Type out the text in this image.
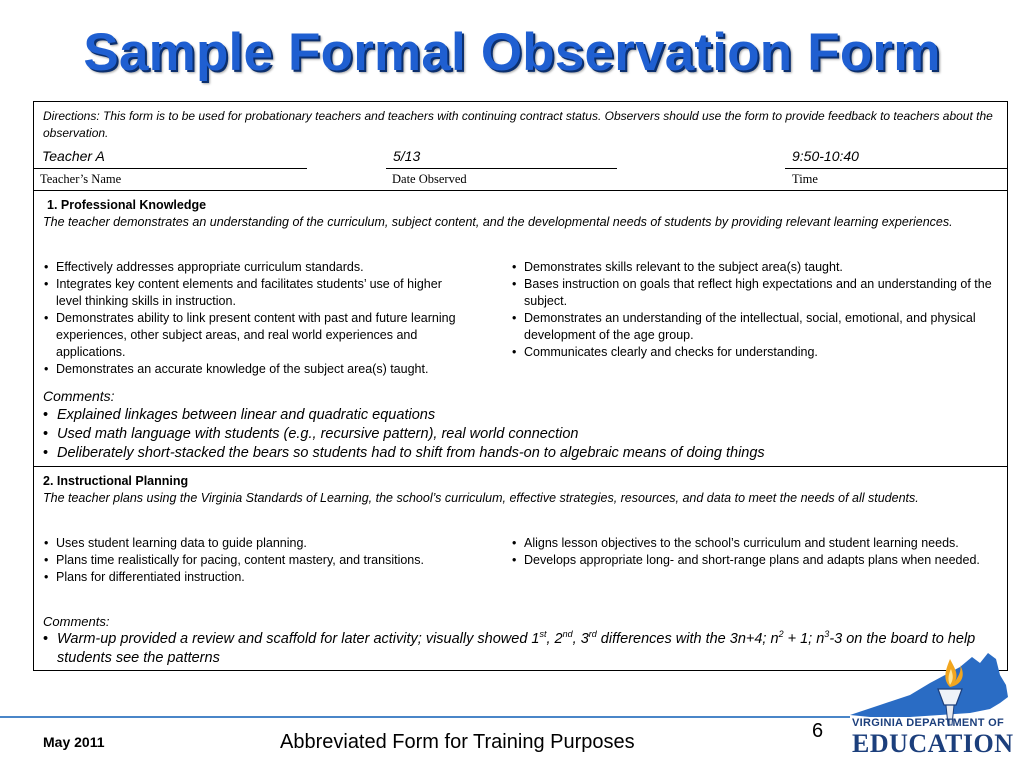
Sample Formal Observation Form
Directions: This form is to be used for probationary teachers and teachers with continuing contract status. Observers should use the form to provide feedback to teachers about the observation.
Teacher A
Teacher’s Name
5/13
Date Observed
9:50-10:40
Time
1. Professional Knowledge
The teacher demonstrates an understanding of the curriculum, subject content, and the developmental needs of students by providing relevant learning experiences.
• Effectively addresses appropriate curriculum standards.
• Integrates key content elements and facilitates students’ use of higher level thinking skills in instruction.
• Demonstrates ability to link present content with past and future learning experiences, other subject areas, and real world experiences and applications.
• Demonstrates an accurate knowledge of the subject area(s) taught.
• Demonstrates skills relevant to the subject area(s) taught.
• Bases instruction on goals that reflect high expectations and an understanding of the subject.
• Demonstrates an understanding of the intellectual, social, emotional, and physical development of the age group.
• Communicates clearly and checks for understanding.
Comments:
• Explained linkages between linear and quadratic equations
• Used math language with students (e.g., recursive pattern), real world connection
• Deliberately short-stacked the bears so students had to shift from hands-on to algebraic means of doing things
2. Instructional Planning
The teacher plans using the Virginia Standards of Learning, the school’s curriculum, effective strategies, resources, and data to meet the needs of all students.
• Uses student learning data to guide planning.
• Plans time realistically for pacing, content mastery, and transitions.
• Plans for differentiated instruction.
• Aligns lesson objectives to the school’s curriculum and student learning needs.
• Develops appropriate long- and short-range plans and adapts plans when needed.
Comments:
• Warm-up provided a review and scaffold for later activity; visually showed 1st, 2nd, 3rd differences with the 3n+4; $n^2 + 1$; $n^3-3$ on the board to help students see the patterns
May 2011	Abbreviated Form for Training Purposes	6	VIRGINIA DEPARTMENT OF
EDUCATION
